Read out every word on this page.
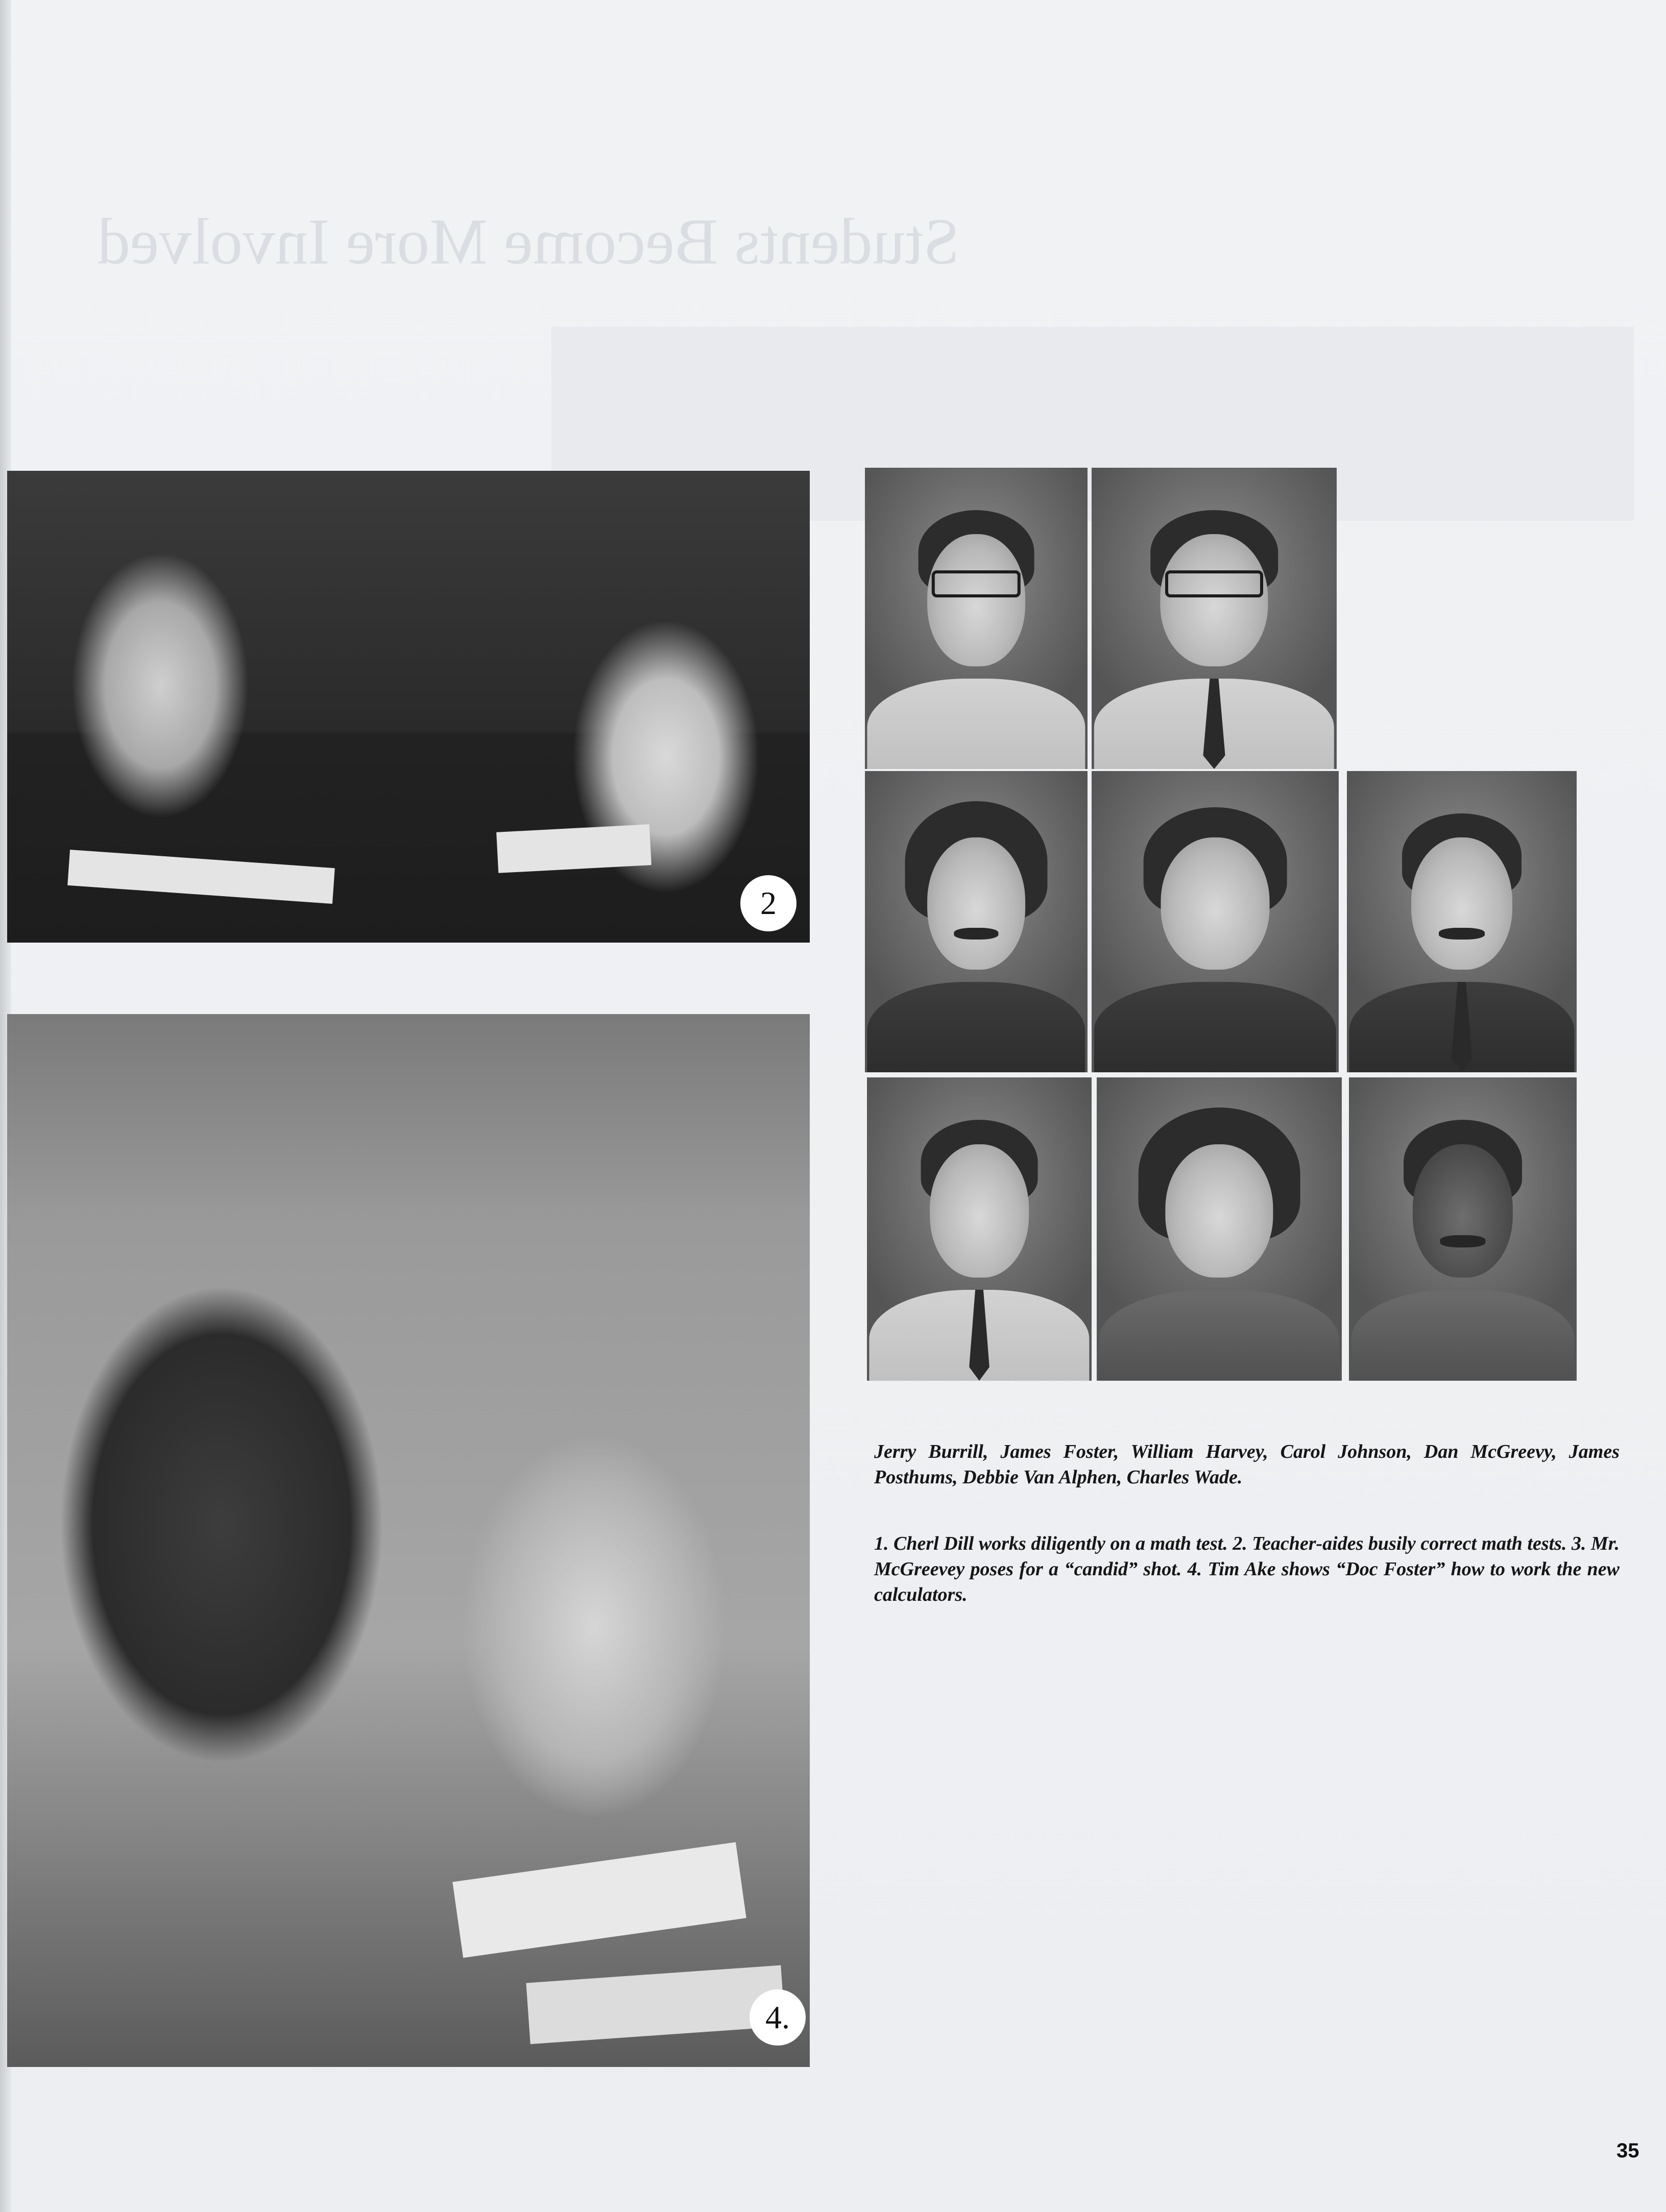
Students Become More Involved
2
4.
Jerry Burrill, James Foster, William Harvey, Carol Johnson, Dan McGreevy, James Posthums, Debbie Van Alphen, Charles Wade.
1. Cherl Dill works diligently on a math test. 2. Teacher-aides busily correct math tests. 3. Mr. McGreevey poses for a “candid” shot. 4. Tim Ake shows “Doc Foster” how to work the new calculators.
35
